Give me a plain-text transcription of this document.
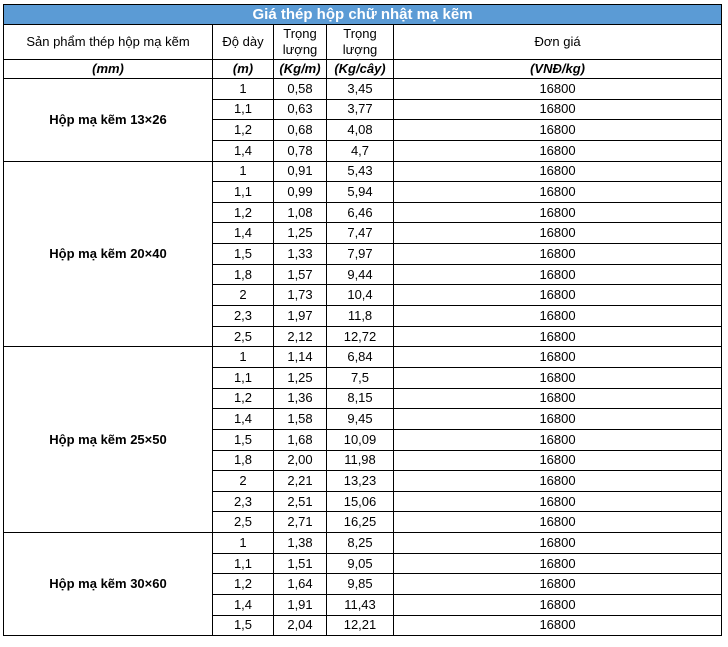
Giá thép hộp chữ nhật mạ kẽm				
Sản phẩm thép hộp mạ kẽm	Độ dày	Trọng lượng	Trọng lượng	Đơn giá
(mm)	(m)	(Kg/m)	(Kg/cây)	(VNĐ/kg)
Hộp mạ kẽm 13×26	1	0,58	3,45	16800
	1,1	0,63	3,77	16800
	1,2	0,68	4,08	16800
	1,4	0,78	4,7	16800
Hộp mạ kẽm 20×40	1	0,91	5,43	16800
	1,1	0,99	5,94	16800
	1,2	1,08	6,46	16800
	1,4	1,25	7,47	16800
	1,5	1,33	7,97	16800
	1,8	1,57	9,44	16800
	2	1,73	10,4	16800
	2,3	1,97	11,8	16800
	2,5	2,12	12,72	16800
Hộp mạ kẽm 25×50	1	1,14	6,84	16800
	1,1	1,25	7,5	16800
	1,2	1,36	8,15	16800
	1,4	1,58	9,45	16800
	1,5	1,68	10,09	16800
	1,8	2,00	11,98	16800
	2	2,21	13,23	16800
	2,3	2,51	15,06	16800
	2,5	2,71	16,25	16800
Hộp mạ kẽm 30×60	1	1,38	8,25	16800
	1,1	1,51	9,05	16800
	1,2	1,64	9,85	16800
	1,4	1,91	11,43	16800
	1,5	2,04	12,21	16800
